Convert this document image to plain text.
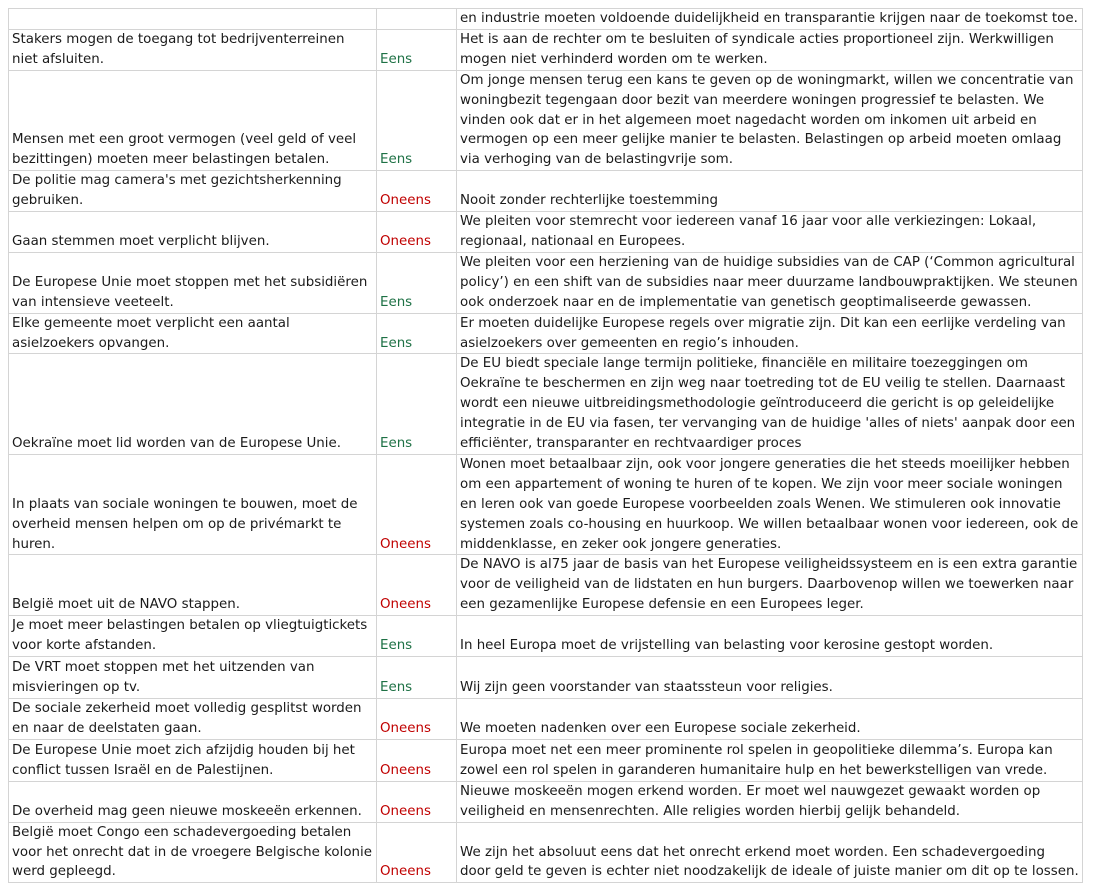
		en industrie moeten voldoende duidelijkheid en transparantie krijgen naar de toekomst toe.
Stakers mogen de toegang tot bedrijventerreinen niet afsluiten.	Eens	Het is aan de rechter om te besluiten of syndicale acties proportioneel zijn. Werkwilligen mogen niet verhinderd worden om te werken.
Mensen met een groot vermogen (veel geld of veel bezittingen) moeten meer belastingen betalen.	Eens	Om jonge mensen terug een kans te geven op de woningmarkt, willen we concentratie van woningbezit tegengaan door bezit van meerdere woningen progressief te belasten. We vinden ook dat er in het algemeen moet nagedacht worden om inkomen uit arbeid en vermogen op een meer gelijke manier te belasten. Belastingen op arbeid moeten omlaag via verhoging van de belastingvrije som.
De politie mag camera's met gezichtsherkenning gebruiken.	Oneens	Nooit zonder rechterlijke toestemming
Gaan stemmen moet verplicht blijven.	Oneens	We pleiten voor stemrecht voor iedereen vanaf 16 jaar voor alle verkiezingen: Lokaal, regionaal, nationaal en Europees.
De Europese Unie moet stoppen met het subsidiëren van intensieve veeteelt.	Eens	We pleiten voor een herziening van de huidige subsidies van de CAP (‘Common agricultural policy’) en een shift van de subsidies naar meer duurzame landbouwpraktijken. We steunen ook onderzoek naar en de implementatie van genetisch geoptimaliseerde gewassen.
Elke gemeente moet verplicht een aantal asielzoekers opvangen.	Eens	Er moeten duidelijke Europese regels over migratie zijn. Dit kan een eerlijke verdeling van asielzoekers over gemeenten en regio’s inhouden.
Oekraïne moet lid worden van de Europese Unie.	Eens	De EU biedt speciale lange termijn politieke, financiële en militaire toezeggingen om Oekraïne te beschermen en zijn weg naar toetreding tot de EU veilig te stellen. Daarnaast wordt een nieuwe uitbreidingsmethodologie geïntroduceerd die gericht is op geleidelijke integratie in de EU via fasen, ter vervanging van de huidige 'alles of niets' aanpak door een efficiënter, transparanter en rechtvaardiger proces
In plaats van sociale woningen te bouwen, moet de overheid mensen helpen om op de privémarkt te huren.	Oneens	Wonen moet betaalbaar zijn, ook voor jongere generaties die het steeds moeilijker hebben om een appartement of woning te huren of te kopen. We zijn voor meer sociale woningen en leren ook van goede Europese voorbeelden zoals Wenen. We stimuleren ook innovatie systemen zoals co-housing en huurkoop. We willen betaalbaar wonen voor iedereen, ook de middenklasse, en zeker ook jongere generaties.
België moet uit de NAVO stappen.	Oneens	De NAVO is al75 jaar de basis van het Europese veiligheidssysteem en is een extra garantie voor de veiligheid van de lidstaten en hun burgers. Daarbovenop willen we toewerken naar een gezamenlijke Europese defensie en een Europees leger.
Je moet meer belastingen betalen op vliegtuigtickets voor korte afstanden.	Eens	In heel Europa moet de vrijstelling van belasting voor kerosine gestopt worden.
De VRT moet stoppen met het uitzenden van misvieringen op tv.	Eens	Wij zijn geen voorstander van staatssteun voor religies.
De sociale zekerheid moet volledig gesplitst worden en naar de deelstaten gaan.	Oneens	We moeten nadenken over een Europese sociale zekerheid.
De Europese Unie moet zich afzijdig houden bij het conflict tussen Israël en de Palestijnen.	Oneens	Europa moet net een meer prominente rol spelen in geopolitieke dilemma’s. Europa kan zowel een rol spelen in garanderen humanitaire hulp en het bewerkstelligen van vrede.
De overheid mag geen nieuwe moskeeën erkennen.	Oneens	Nieuwe moskeeën mogen erkend worden. Er moet wel nauwgezet gewaakt worden op veiligheid en mensenrechten. Alle religies worden hierbij gelijk behandeld.
België moet Congo een schadevergoeding betalen voor het onrecht dat in de vroegere Belgische kolonie werd gepleegd.	Oneens	We zijn het absoluut eens dat het onrecht erkend moet worden. Een schadevergoeding door geld te geven is echter niet noodzakelijk de ideale of juiste manier om dit op te lossen.
